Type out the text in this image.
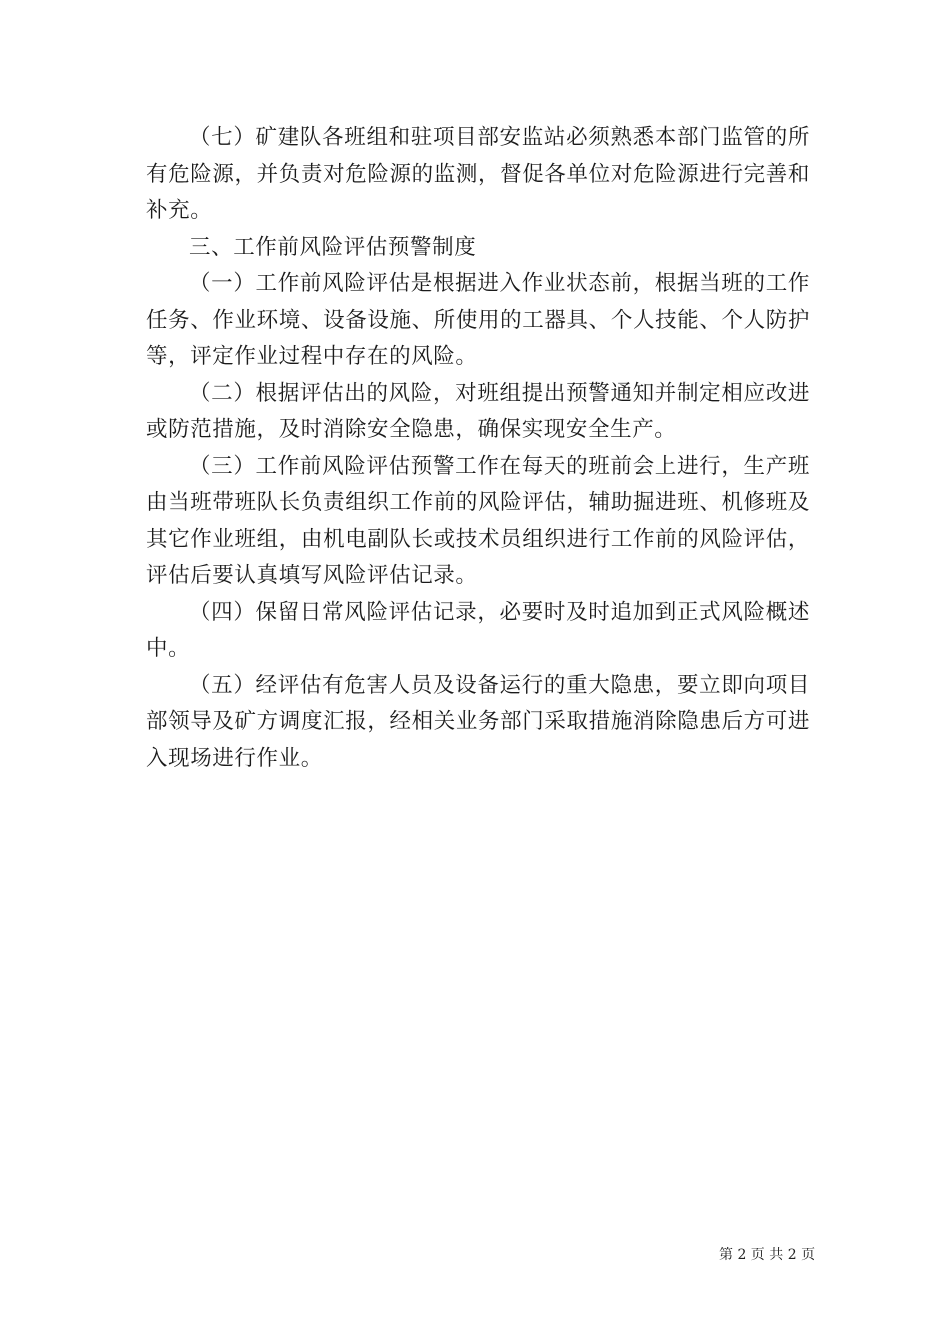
（七）矿建队各班组和驻项目部安监站必须熟悉本部门监管的所有危险源，并负责对危险源的监测，督促各单位对危险源进行完善和补充。

三、工作前风险评估预警制度

（一）工作前风险评估是根据进入作业状态前，根据当班的工作任务、作业环境、设备设施、所使用的工器具、个人技能、个人防护等，评定作业过程中存在的风险。

（二）根据评估出的风险，对班组提出预警通知并制定相应改进或防范措施，及时消除安全隐患，确保实现安全生产。

（三）工作前风险评估预警工作在每天的班前会上进行，生产班由当班带班队长负责组织工作前的风险评估，辅助掘进班、机修班及其它作业班组，由机电副队长或技术员组织进行工作前的风险评估，评估后要认真填写风险评估记录。

（四）保留日常风险评估记录，必要时及时追加到正式风险概述中。

（五）经评估有危害人员及设备运行的重大隐患，要立即向项目部领导及矿方调度汇报，经相关业务部门采取措施消除隐患后方可进入现场进行作业。

第 2 页 共 2 页
